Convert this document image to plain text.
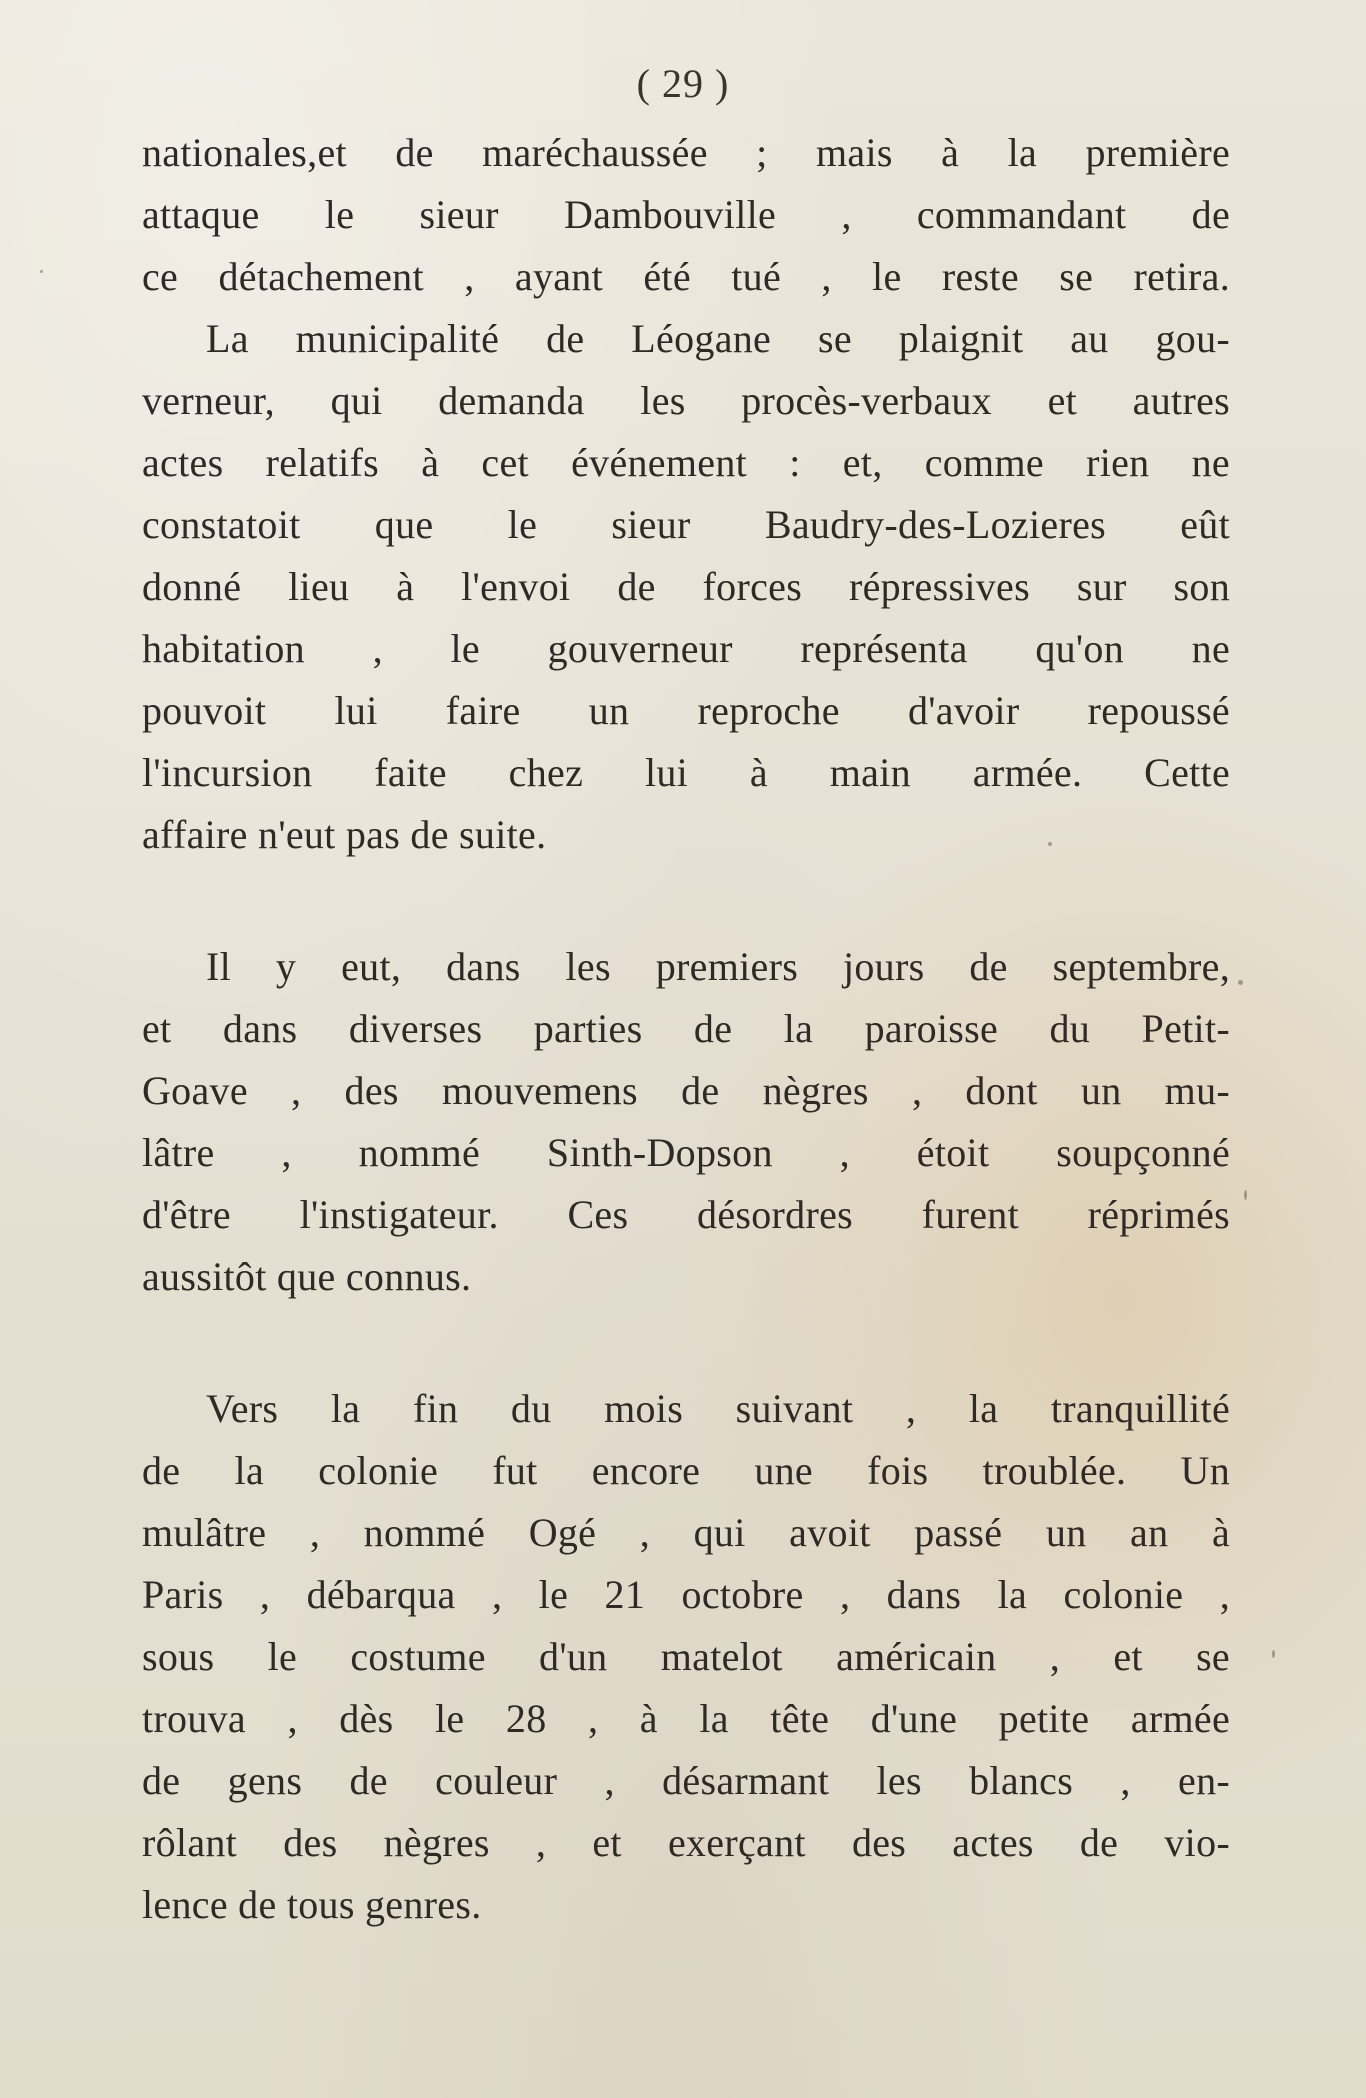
( 29 )
nationales,et de maréchaussée ; mais à la première
attaque le sieur Dambouville , commandant de
ce détachement , ayant été tué , le reste se retira.
La municipalité de Léogane se plaignit au gou-
verneur, qui demanda les procès-verbaux et autres
actes relatifs à cet événement : et, comme rien ne
constatoit que le sieur Baudry-des-Lozieres eût
donné lieu à l'envoi de forces répressives sur son
habitation , le gouverneur représenta qu'on ne
pouvoit lui faire un reproche d'avoir repoussé
l'incursion faite chez lui à main armée. Cette
affaire n'eut pas de suite.
Il y eut, dans les premiers jours de septembre,
et dans diverses parties de la paroisse du Petit-
Goave , des mouvemens de nègres , dont un mu-
lâtre , nommé Sinth-Dopson , étoit soupçonné
d'être l'instigateur. Ces désordres furent réprimés
aussitôt que connus.
Vers la fin du mois suivant , la tranquillité
de la colonie fut encore une fois troublée. Un
mulâtre , nommé Ogé , qui avoit passé un an à
Paris , débarqua , le 21 octobre , dans la colonie ,
sous le costume d'un matelot américain , et se
trouva , dès le 28 , à la tête d'une petite armée
de gens de couleur , désarmant les blancs , en-
rôlant des nègres , et exerçant des actes de vio-
lence de tous genres.
